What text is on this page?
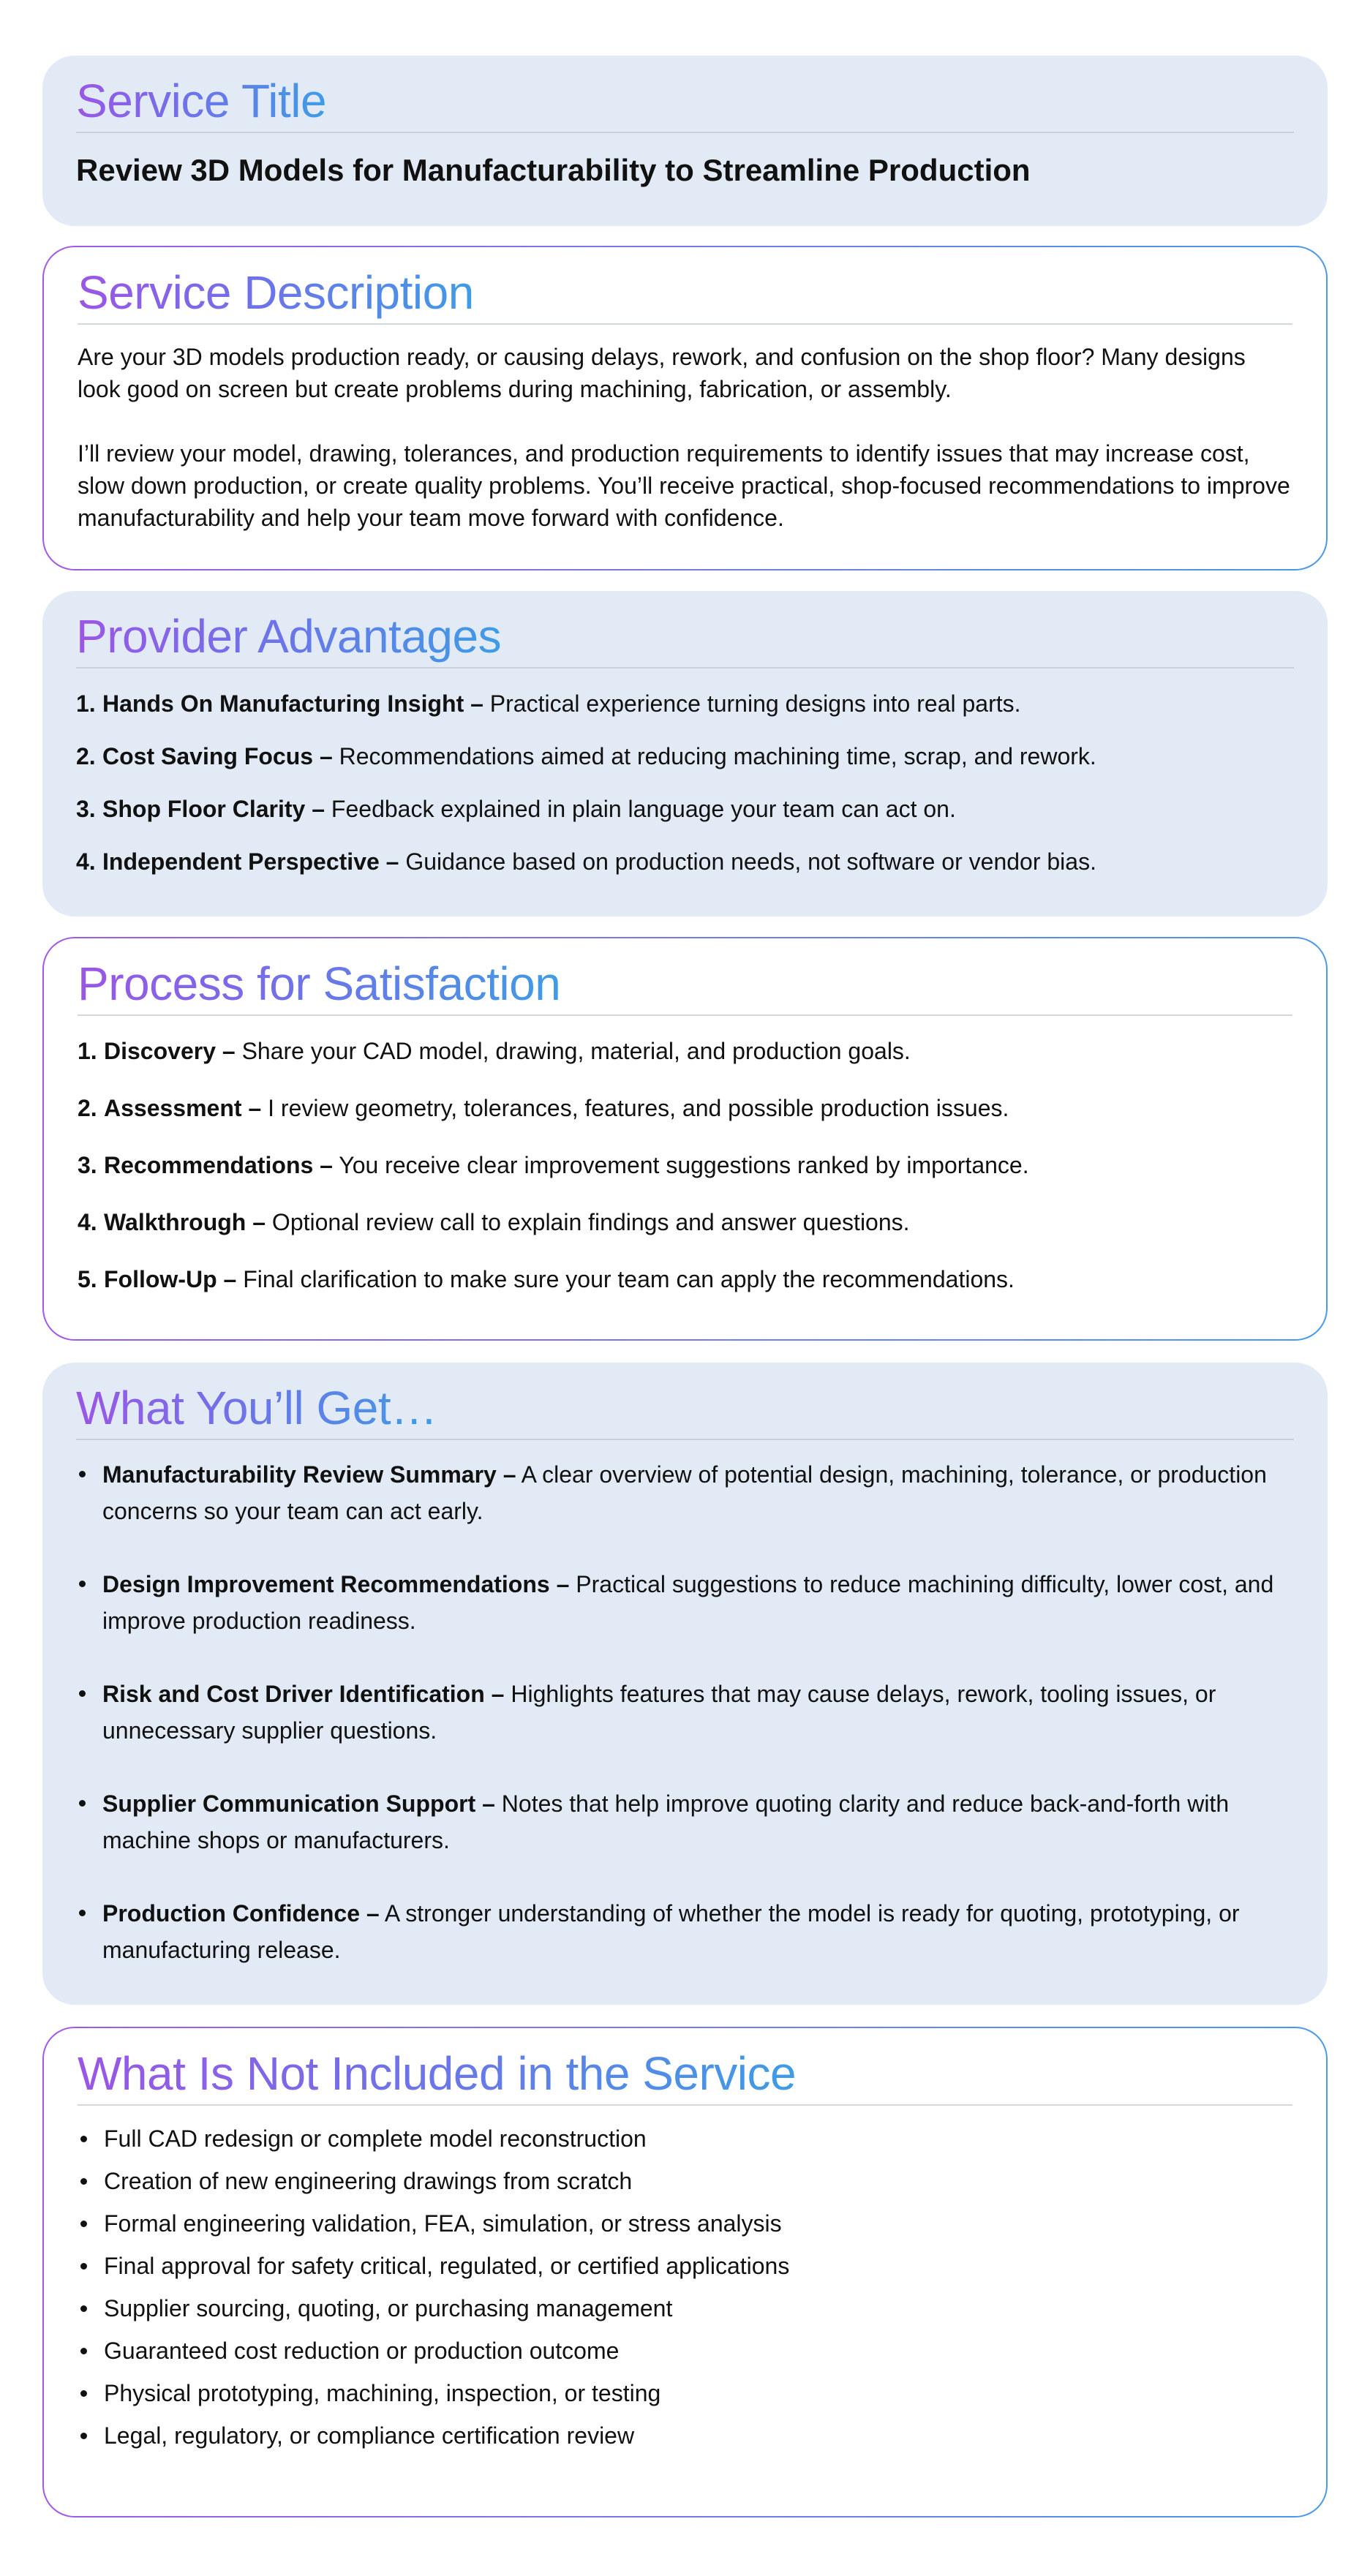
Service Title
Review 3D Models for Manufacturability to Streamline Production
Service Description

Are your 3D models production ready, or causing delays, rework, and confusion on the shop floor? Many designs look good on screen but create problems during machining, fabrication, or assembly.

I’ll review your model, drawing, tolerances, and production requirements to identify issues that may increase cost, slow down production, or create quality problems. You’ll receive practical, shop-focused recommendations to improve manufacturability and help your team move forward with confidence.

Provider Advantages
1. Hands On Manufacturing Insight – Practical experience turning designs into real parts.
2. Cost Saving Focus – Recommendations aimed at reducing machining time, scrap, and rework.
3. Shop Floor Clarity – Feedback explained in plain language your team can act on.
4. Independent Perspective – Guidance based on production needs, not software or vendor bias.
Process for Satisfaction
1. Discovery – Share your CAD model, drawing, material, and production goals.
2. Assessment – I review geometry, tolerances, features, and possible production issues.
3. Recommendations – You receive clear improvement suggestions ranked by importance.
4. Walkthrough – Optional review call to explain findings and answer questions.
5. Follow-Up – Final clarification to make sure your team can apply the recommendations.
What You’ll Get…
Manufacturability Review Summary – A clear overview of potential design, machining, tolerance, or production concerns so your team can act early.
Design Improvement Recommendations – Practical suggestions to reduce machining difficulty, lower cost, and improve production readiness.
Risk and Cost Driver Identification – Highlights features that may cause delays, rework, tooling issues, or unnecessary supplier questions.
Supplier Communication Support – Notes that help improve quoting clarity and reduce back-and-forth with machine shops or manufacturers.
Production Confidence – A stronger understanding of whether the model is ready for quoting, prototyping, or manufacturing release.
What Is Not Included in the Service
Full CAD redesign or complete model reconstruction
Creation of new engineering drawings from scratch
Formal engineering validation, FEA, simulation, or stress analysis
Final approval for safety critical, regulated, or certified applications
Supplier sourcing, quoting, or purchasing management
Guaranteed cost reduction or production outcome
Physical prototyping, machining, inspection, or testing
Legal, regulatory, or compliance certification review
